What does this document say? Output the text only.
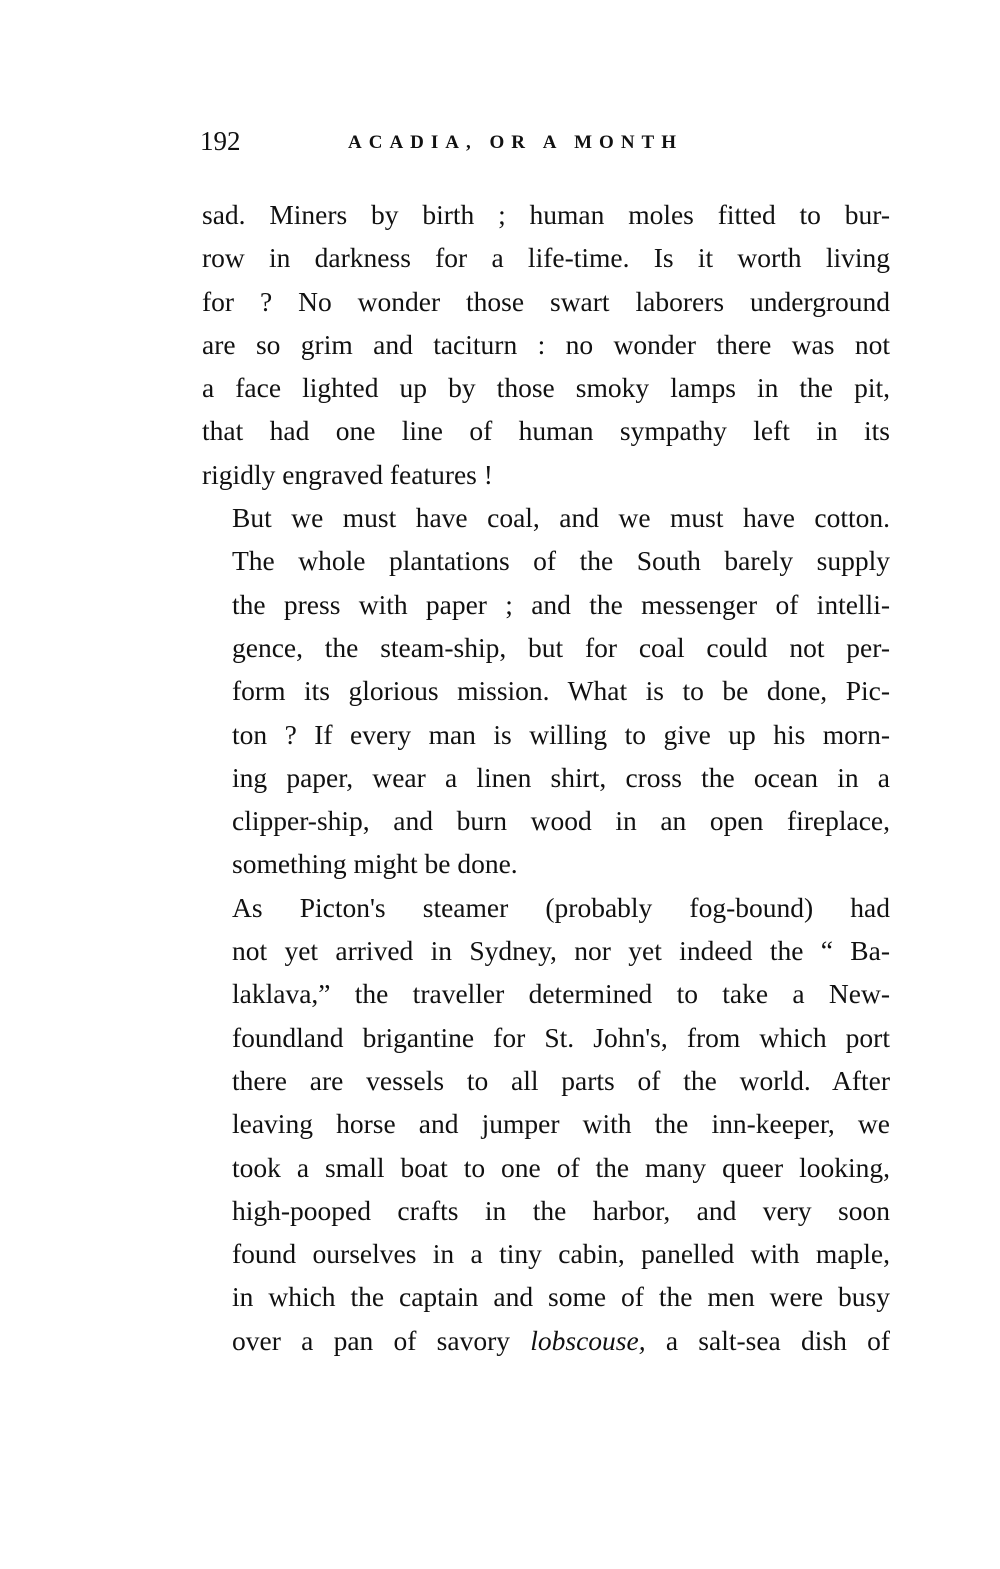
192	ACADIA, OR A MONTH

sad. Miners by birth ; human moles fitted to bur-
row in darkness for a life-time. Is it worth living
for ? No wonder those swart laborers underground
are so grim and taciturn : no wonder there was not
a face lighted up by those smoky lamps in the pit,
that had one line of human sympathy left in its
rigidly engraved features !

But we must have coal, and we must have cotton.
The whole plantations of the South barely supply
the press with paper ; and the messenger of intelli-
gence, the steam-ship, but for coal could not per-
form its glorious mission. What is to be done, Pic-
ton ? If every man is willing to give up his morn-
ing paper, wear a linen shirt, cross the ocean in a
clipper-ship, and burn wood in an open fireplace,
something might be done.

As Picton's steamer (probably fog-bound) had
not yet arrived in Sydney, nor yet indeed the “ Ba-
laklava,” the traveller determined to take a New-
foundland brigantine for St. John's, from which port
there are vessels to all parts of the world. After
leaving horse and jumper with the inn-keeper, we
took a small boat to one of the many queer looking,
high-pooped crafts in the harbor, and very soon
found ourselves in a tiny cabin, panelled with maple,
in which the captain and some of the men were busy
over a pan of savory lobscouse, a salt-sea dish of
